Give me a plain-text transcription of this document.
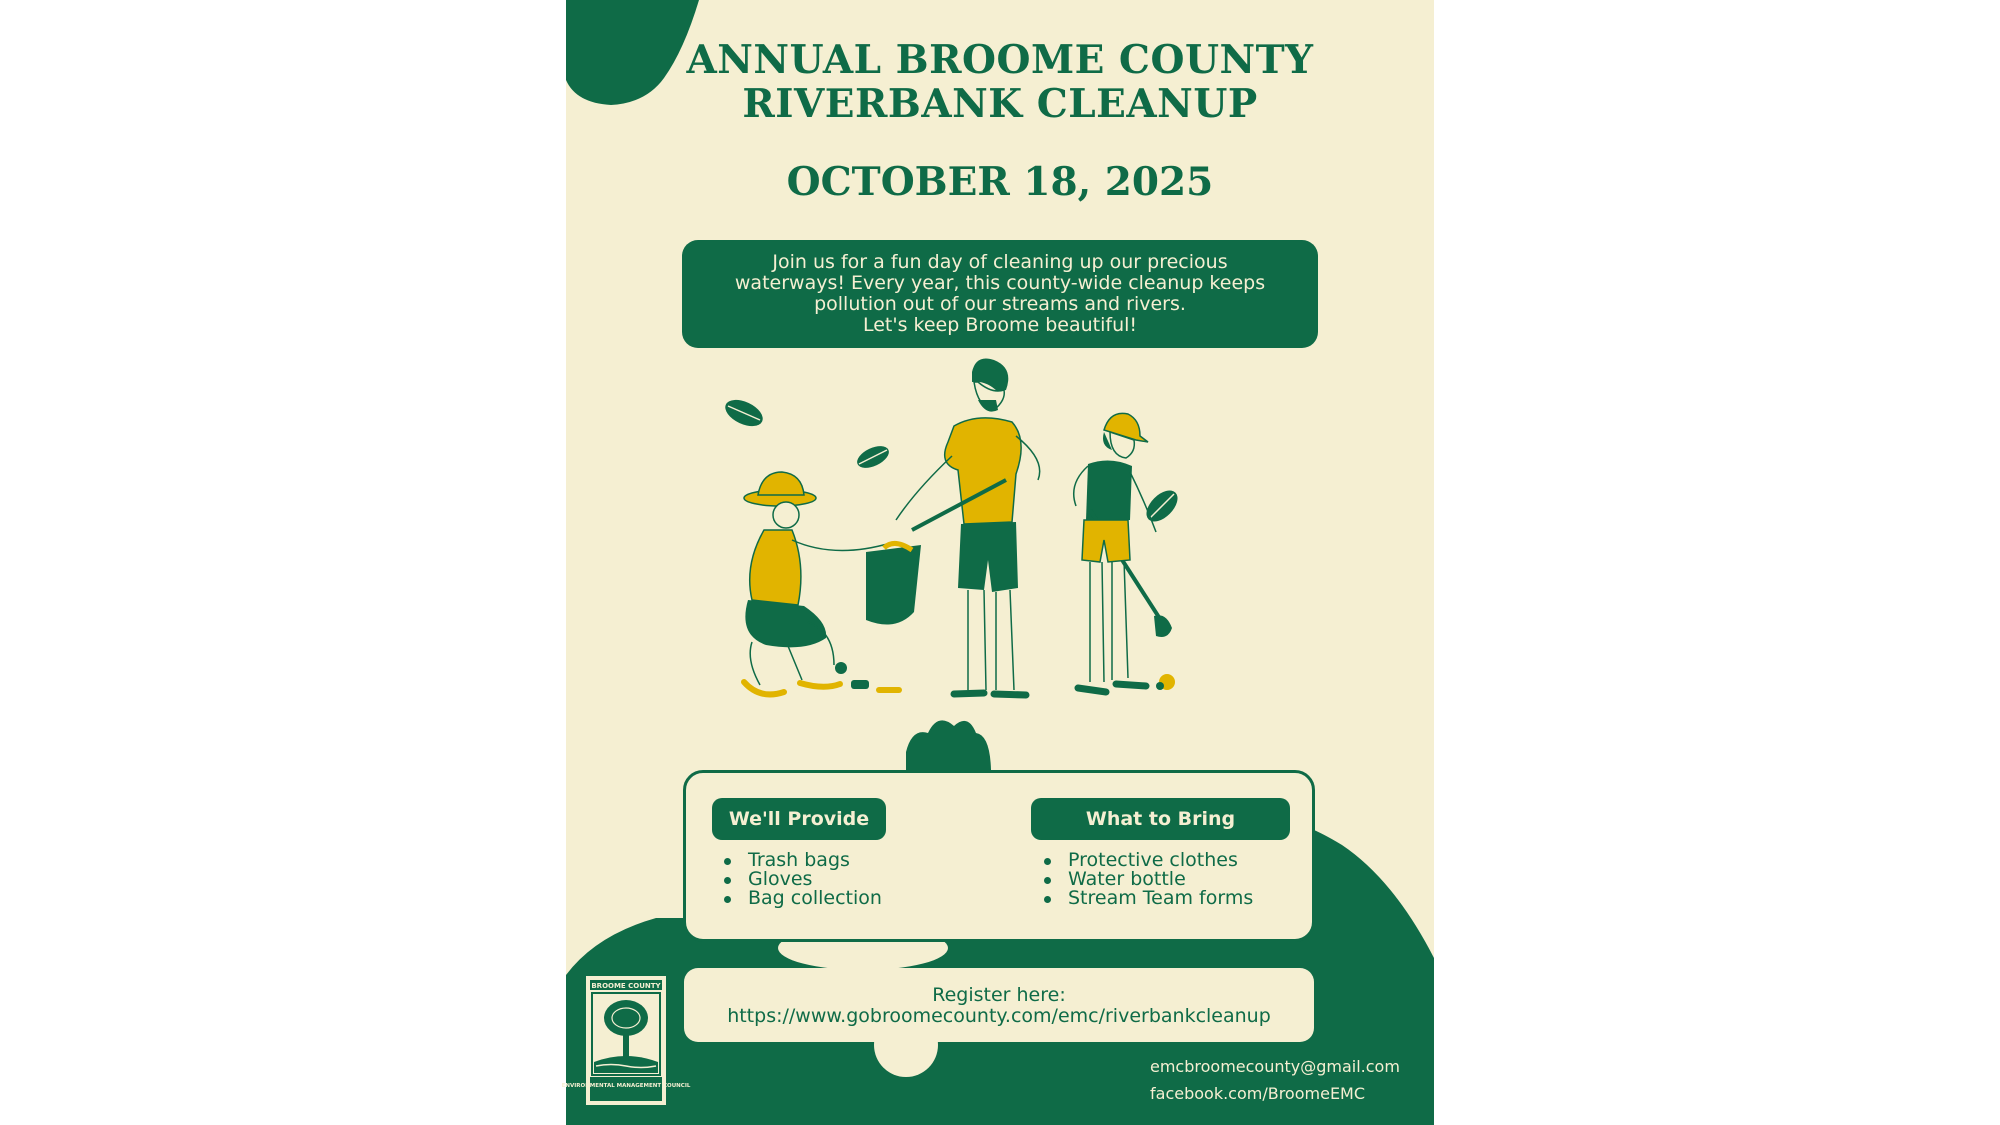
ANNUAL BROOME COUNTY
RIVERBANK CLEANUP
OCTOBER 18, 2025
Join us for a fun day of cleaning up our precious
waterways! Every year, this county-wide cleanup keeps
pollution out of our streams and rivers.
Let's keep Broome beautiful!
We'll Provide
Trash bags
Gloves
Bag collection
What to Bring
Protective clothes
Water bottle
Stream Team forms
Register here:
https://www.gobroomecounty.com/emc/riverbankcleanup
BROOME COUNTY
ENVIRONMENTAL MANAGEMENT COUNCIL
emcbroomecounty@gmail.com
facebook.com/BroomeEMC
